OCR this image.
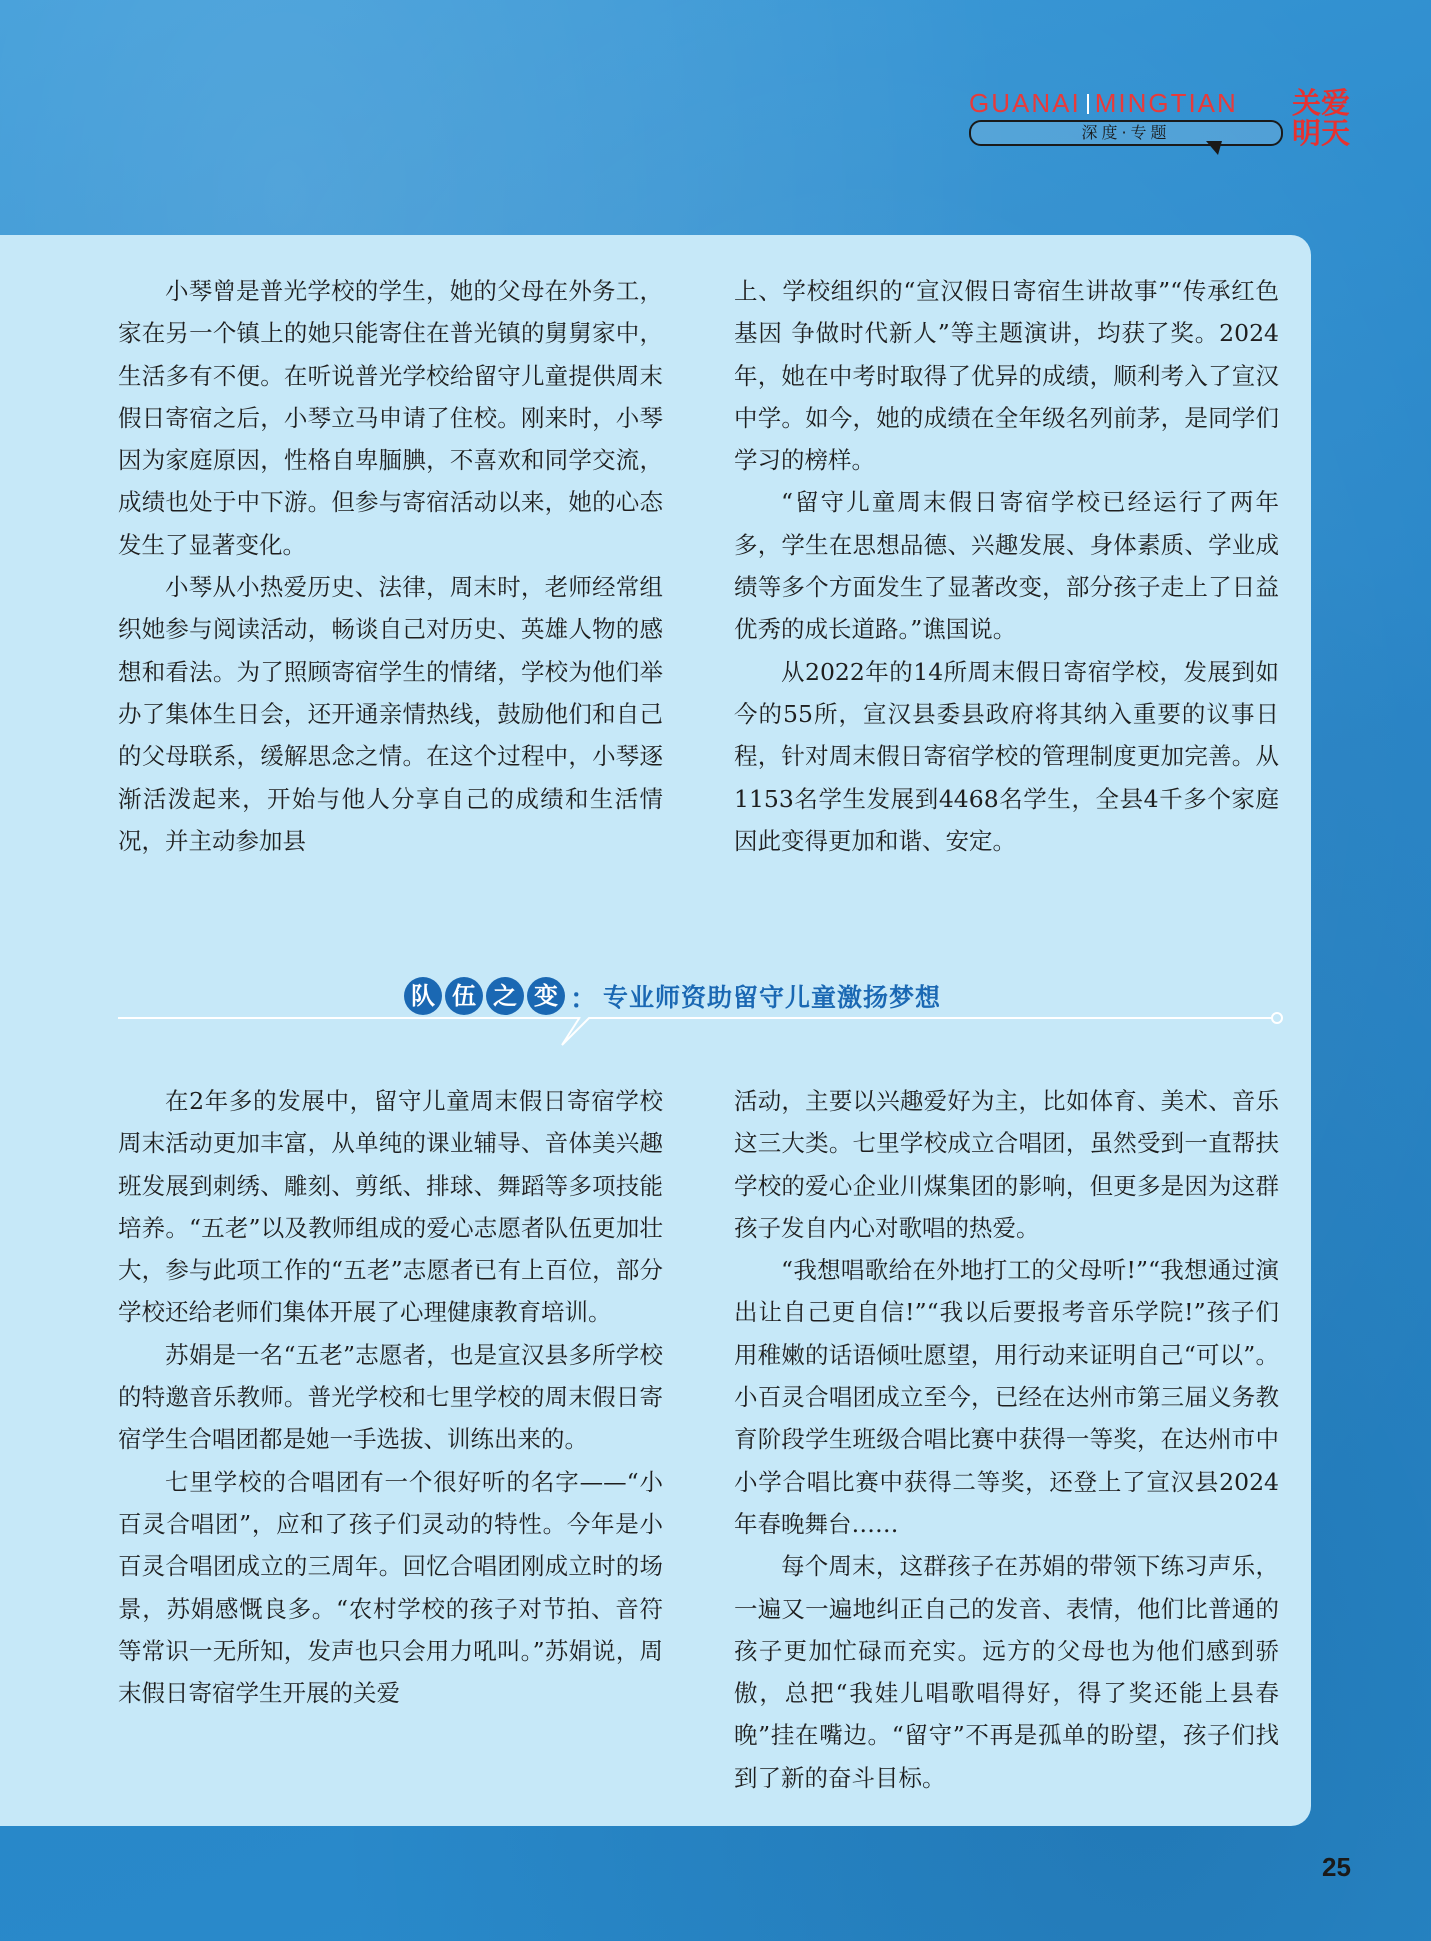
GUANAI MINGTIAN
深度·专题
关爱
明天

小琴曾是普光学校的学生，她的父母在外务工，家在另一个镇上的她只能寄住在普光镇的舅舅家中，生活多有不便。在听说普光学校给留守儿童提供周末假日寄宿之后，小琴立马申请了住校。刚来时，小琴因为家庭原因，性格自卑腼腆，不喜欢和同学交流，成绩也处于中下游。但参与寄宿活动以来，她的心态发生了显著变化。

小琴从小热爱历史、法律，周末时，老师经常组织她参与阅读活动，畅谈自己对历史、英雄人物的感想和看法。为了照顾寄宿学生的情绪，学校为他们举办了集体生日会，还开通亲情热线，鼓励他们和自己的父母联系，缓解思念之情。在这个过程中，小琴逐渐活泼起来，开始与他人分享自己的成绩和生活情况，并主动参加县

上、学校组织的“宣汉假日寄宿生讲故事”“传承红色基因 争做时代新人”等主题演讲，均获了奖。2024年，她在中考时取得了优异的成绩，顺利考入了宣汉中学。如今，她的成绩在全年级名列前茅，是同学们学习的榜样。

“留守儿童周末假日寄宿学校已经运行了两年多，学生在思想品德、兴趣发展、身体素质、学业成绩等多个方面发生了显著改变，部分孩子走上了日益优秀的成长道路。”谯国说。

从2022年的14所周末假日寄宿学校，发展到如今的55所，宣汉县委县政府将其纳入重要的议事日程，针对周末假日寄宿学校的管理制度更加完善。从1153名学生发展到4468名学生，全县4千多个家庭因此变得更加和谐、安定。

队 伍 之 变 ： 专业师资助留守儿童激扬梦想

在2年多的发展中，留守儿童周末假日寄宿学校周末活动更加丰富，从单纯的课业辅导、音体美兴趣班发展到刺绣、雕刻、剪纸、排球、舞蹈等多项技能培养。“五老”以及教师组成的爱心志愿者队伍更加壮大，参与此项工作的“五老”志愿者已有上百位，部分学校还给老师们集体开展了心理健康教育培训。

苏娟是一名“五老”志愿者，也是宣汉县多所学校的特邀音乐教师。普光学校和七里学校的周末假日寄宿学生合唱团都是她一手选拔、训练出来的。

七里学校的合唱团有一个很好听的名字——“小百灵合唱团”，应和了孩子们灵动的特性。今年是小百灵合唱团成立的三周年。回忆合唱团刚成立时的场景，苏娟感慨良多。“农村学校的孩子对节拍、音符等常识一无所知，发声也只会用力吼叫。”苏娟说，周末假日寄宿学生开展的关爱

活动，主要以兴趣爱好为主，比如体育、美术、音乐这三大类。七里学校成立合唱团，虽然受到一直帮扶学校的爱心企业川煤集团的影响，但更多是因为这群孩子发自内心对歌唱的热爱。

“我想唱歌给在外地打工的父母听!”“我想通过演出让自己更自信!”“我以后要报考音乐学院!”孩子们用稚嫩的话语倾吐愿望，用行动来证明自己“可以”。小百灵合唱团成立至今，已经在达州市第三届义务教育阶段学生班级合唱比赛中获得一等奖，在达州市中小学合唱比赛中获得二等奖，还登上了宣汉县2024年春晚舞台……

每个周末，这群孩子在苏娟的带领下练习声乐，一遍又一遍地纠正自己的发音、表情，他们比普通的孩子更加忙碌而充实。远方的父母也为他们感到骄傲，总把“我娃儿唱歌唱得好，得了奖还能上县春晚”挂在嘴边。“留守”不再是孤单的盼望，孩子们找到了新的奋斗目标。

25
